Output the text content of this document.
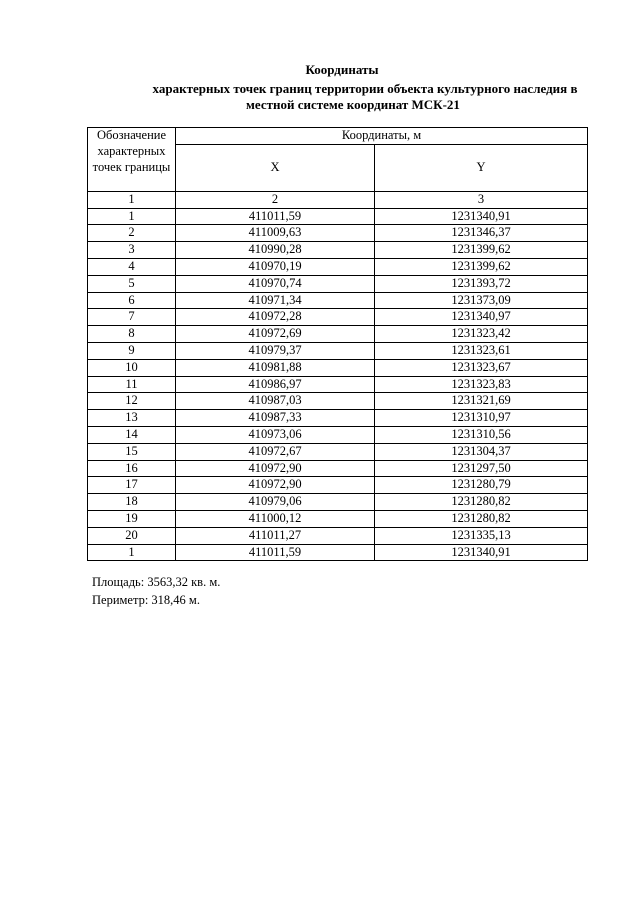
Координаты
характерных точек границ территории объекта культурного наследия в
местной системе координат МСК-21
Обозначение характерных точек границы	Координаты, м	
	X	Y
1	2	3
1	411011,59	1231340,91
2	411009,63	1231346,37
3	410990,28	1231399,62
4	410970,19	1231399,62
5	410970,74	1231393,72
6	410971,34	1231373,09
7	410972,28	1231340,97
8	410972,69	1231323,42
9	410979,37	1231323,61
10	410981,88	1231323,67
11	410986,97	1231323,83
12	410987,03	1231321,69
13	410987,33	1231310,97
14	410973,06	1231310,56
15	410972,67	1231304,37
16	410972,90	1231297,50
17	410972,90	1231280,79
18	410979,06	1231280,82
19	411000,12	1231280,82
20	411011,27	1231335,13
1	411011,59	1231340,91
Площадь: 3563,32 кв. м.
Периметр: 318,46 м.
